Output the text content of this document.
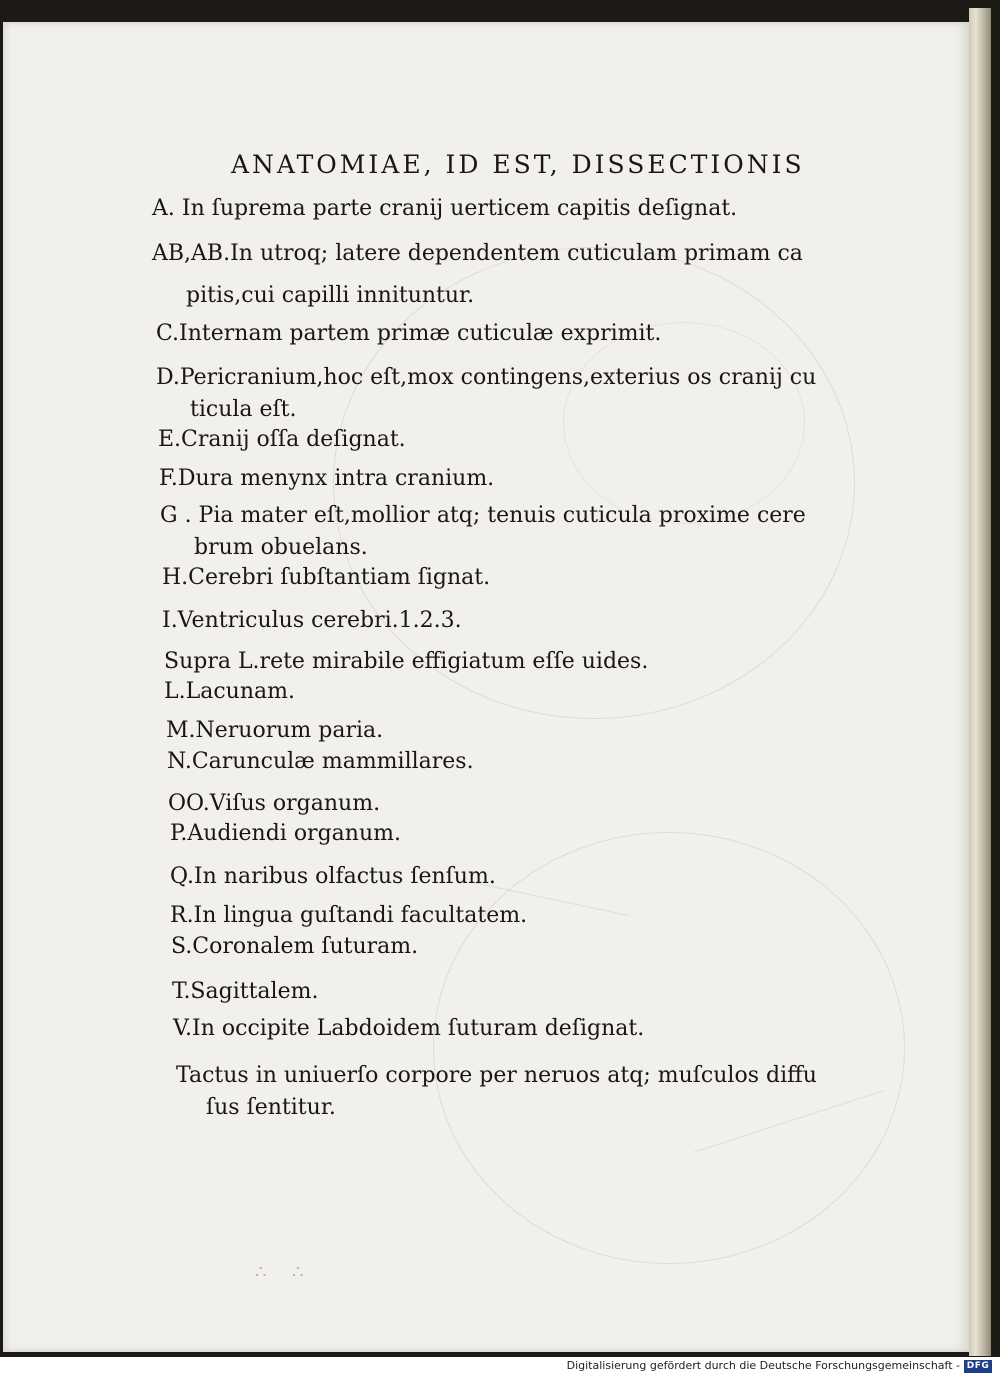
ANATOMIAE, ID EST, DISSECTIONIS
A. In ſuprema parte cranij uerticem capitis deſignat.
AB,AB.In utroq; latere dependentem cuticulam primam ca
pitis,cui capilli innituntur.
C.Internam partem primæ cuticulæ exprimit.
D.Pericranium,hoc eſt,mox contingens,exterius os cranij cu
ticula eſt.
E.Cranij oſſa deſignat.
F.Dura menynx intra cranium.
G . Pia mater eſt,mollior atq; tenuis cuticula proxime cere
brum obuelans.
H.Cerebri ſubſtantiam ſignat.
I.Ventriculus cerebri.1.2.3.
Supra L.rete mirabile effigiatum eſſe uides.
L.Lacunam.
M.Neruorum paria.
N.Carunculæ mammillares.
OO.Viſus organum.
P.Audiendi organum.
Q.In naribus olfactus ſenſum.
R.In lingua guſtandi facultatem.
S.Coronalem ſuturam.
T.Sagittalem.
V.In occipite Labdoidem ſuturam deſignat.
Tactus in uniuerſo corpore per neruos atq; muſculos diffu
ſus ſentitur.
∴ ∴
Digitalisierung gefördert durch die Deutsche Forschungsgemeinschaft - DFG
